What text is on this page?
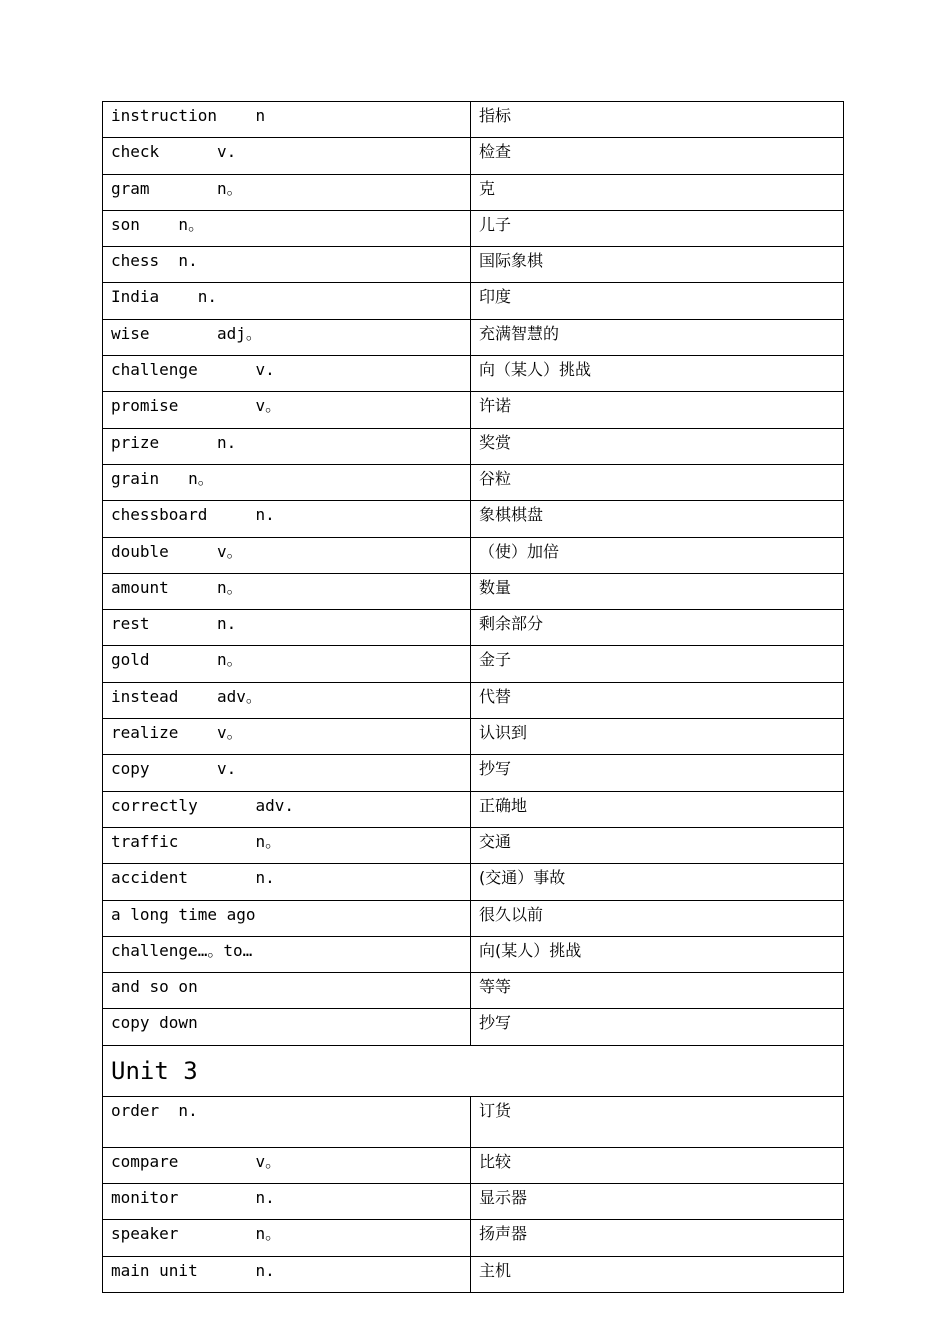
instruction    n	指标
check      v.	检查
gram       n。	克
son    n。	儿子
chess  n.	国际象棋
India    n.	印度
wise       adj。	充满智慧的
challenge      v.	向（某人）挑战
promise        v。	许诺
prize      n.	奖赏
grain   n。	谷粒
chessboard     n.	象棋棋盘
double     v。	（使）加倍
amount     n。	数量
rest       n.	剩余部分
gold       n。	金子
instead    adv。	代替
realize    v。	认识到
copy       v.	抄写
correctly      adv.	正确地
traffic        n。	交通
accident       n.	(交通）事故
a long time ago	很久以前
challenge…。to…	向(某人）挑战
and so on	等等
copy down	抄写
Unit 3	
order  n.	订货
compare        v。	比较
monitor        n.	显示器
speaker        n。	扬声器
main unit      n.	主机
